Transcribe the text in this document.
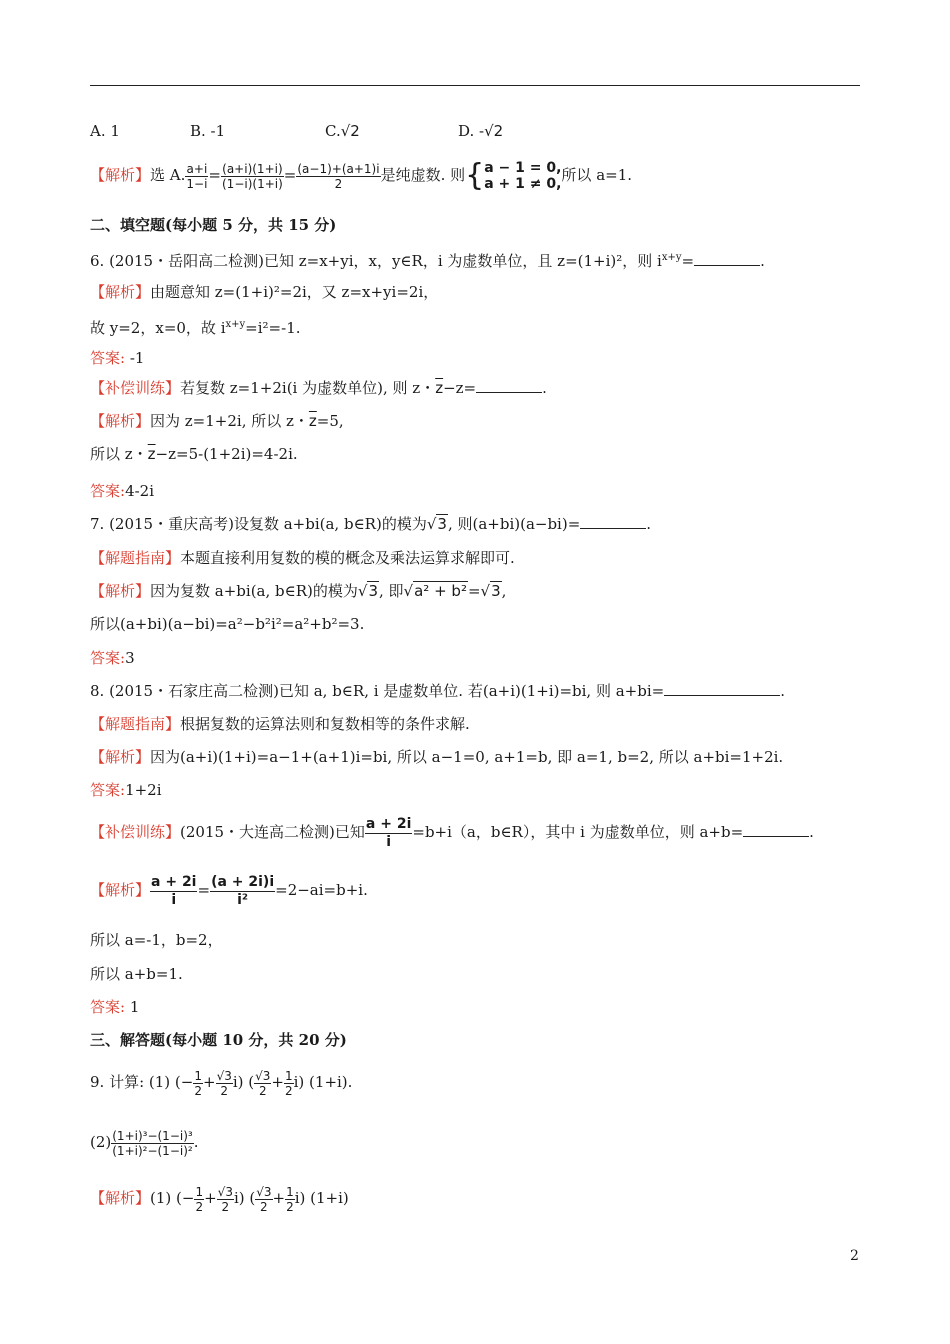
A. 1	B. -1	C.√2	D. -√2
【解析】选 A. $\frac{a+i}{1-i} = \frac{(a+i)(1+i)}{(1-i)(1+i)} = \frac{(a-1)+(a+1)i}{2}$ 是纯虚数. 则{ a − 1 = 0,
a + 1 ≠ 0, 所以 a=1.
二、填空题(每小题 5 分，共 15 分)
6. (2015・岳阳高二检测)已知 z=x+yi，x，y∈R，i 为虚数单位，且 z=(1+i)²，则 $i^{x+y}=$	.
【解析】由题意知 z=(1+i)²=2i，又 z=x+yi=2i，
故 y=2，x=0，故 $i^{x+y}=i^2=-1$.
答案: -1
【补偿训练】若复数 z=1+2i(i 为虚数单位), 则 z・$\overline{z}-z=$	.
【解析】因为 z=1+2i, 所以 z・$\overline{z}=5$,
所以 z・$\overline{z}-z=5-(1+2i)=4-2i$.
答案:4-2i
7. (2015・重庆高考)设复数 a+bi(a, b∈R)的模为√3, 则(a+bi)(a−bi)=	.
【解题指南】本题直接利用复数的模的概念及乘法运算求解即可.
【解析】因为复数 a+bi(a, b∈R)的模为√3, 即√a² + b²=√3,
所以(a+bi)(a−bi)=a²−b²i²=a²+b²=3.
答案:3
8. (2015・石家庄高二检测)已知 a, b∈R, i 是虚数单位. 若(a+i)(1+i)=bi, 则 a+bi=	.
【解题指南】根据复数的运算法则和复数相等的条件求解.
【解析】因为(a+i)(1+i)=a−1+(a+1)i=bi, 所以 a−1=0, a+1=b, 即 a=1, b=2, 所以 a+bi=1+2i.
答案:1+2i
【补偿训练】(2015・大连高二检测)已知 $\frac{a + 2i}{i} =b+i(a$，b∈R），其中 i 为虚数单位，则 a+b=	.
【解析】 $\frac{a + 2i}{i} = \frac{(a + 2i)i}{\text{i²}} =2-ai=b+i$.
所以 a=-1，b=2，
所以 a+b=1.
答案: 1
三、解答题(每小题 10 分，共 20 分)
9. 计算: (1) (− $\frac{1}{2} + \frac{√3}{2} i$) ( $\frac{√3}{2} + \frac{1}{2} i$) (1+i).
$(2) \frac{\text{(1+i)³−(1−i)³}}{\text{(1+i)²−(1−i)²}}$ .
【解析】(1) (− $\frac{1}{2} + \frac{√3}{2} i$) ( $\frac{√3}{2} + \frac{1}{2} i$) (1+i)
2
